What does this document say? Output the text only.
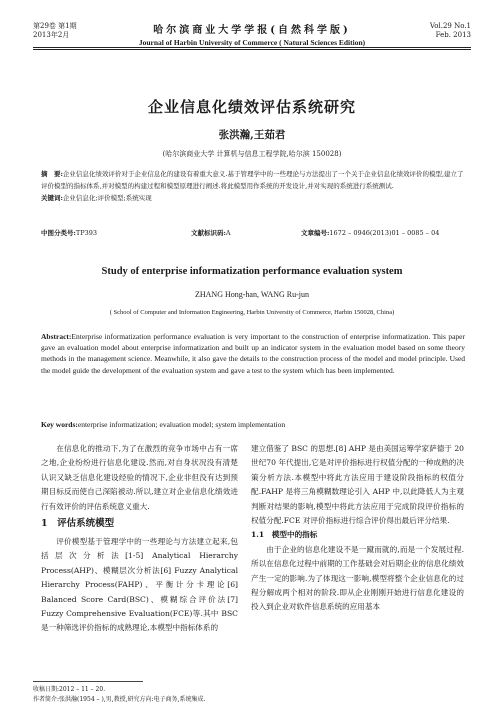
第29卷 第1期
2013年2月	哈尔滨商业大学学报(自然科学版)
Journal of Harbin University of Commerce ( Natural Sciences Edition)
Vol.29 No.1
Feb. 2013
企业信息化绩效评估系统研究
张洪瀚,王茹君
(哈尔滨商业大学 计算机与信息工程学院,哈尔滨 150028)
摘　要:企业信息化绩效评价对于企业信息化的建设有着重大意义.基于管理学中的一些理论与方法提出了一个关于企业信息化绩效评价的模型,建立了评价模型的指标体系,并对模型的构建过程和模型原理进行阐述.将此模型用作系统的开发设计,并对实现的系统进行系统测试.
关键词:企业信息化;评价模型;系统实现
中图分类号:TP393	文献标识码:A	文章编号:1672 – 0946(2013)01 – 0085 – 04
Study of enterprise informatization performance evaluation system
ZHANG Hong-han, WANG Ru-jun
( School of Computer and Information Engineering, Harbin University of Commerce, Harbin 150028, China)
Abstract:Enterprise informatization performance evaluation is very important to the construction of enterprise informatization. This paper gave an evaluation model about enterprise informatization and built up an indicator system in the evaluation model based on some theory methods in the management science. Meanwhile, it also gave the details to the construction process of the model and model principle. Used the model guide the development of the evaluation system and gave a test to the system which has been implemented.
Key words:enterprise informatization; evaluation model; system implementation

在信息化的推动下,为了在激烈的竞争市场中占有一席之地,企业纷纷进行信息化建设.然而,对自身状况没有清楚认识又缺乏信息化建设经验的情况下,企业非但没有达到预期目标反而使自己深陷被动.所以,建立对企业信息化绩效进行有效评价的评估系统意义重大.

1　评估系统模型

评价模型基于管理学中的一些理论与方法建立起来,包括层次分析法[1-5] Analytical Hierarchy Process(AHP)、模糊层次分析法[6] Fuzzy Analytical Hierarchy Process(FAHP)、平衡计分卡理论[6] Balanced Score Card(BSC)、模糊综合评价法[7] Fuzzy Comprehensive Evaluation(FCE)等.其中 BSC 是一种筛选评价指标的成熟理论,本模型中指标体系的

建立借鉴了 BSC 的思想.[8] AHP 是由美国运筹学家萨德于 20 世纪70 年代提出,它是对评价指标进行权值分配的一种成熟的决策分析方法.本模型中将此方法应用于建设阶段指标的权值分配.FAHP 是将三角模糊数理论引入 AHP 中,以此降低人为主观判断对结果的影响,模型中将此方法应用于完成阶段评价指标的权值分配.FCE 对评价指标进行综合评价得出最后评分结果.

1.1　模型中的指标

由于企业的信息化建设不是一蹴而就的,而是一个发展过程.所以在信息化过程中前期的工作基础会对后期企业的信息化绩效产生一定的影响.为了体现这一影响,模型将整个企业信息化的过程分解成两个相对的阶段.即从企业刚刚开始进行信息化建设的投入到企业对软件信息系统的应用基本

收稿日期:2012 – 11 – 20.
作者简介:张洪瀚(1954 – ),男,教授,研究方向:电子商务,系统集成.
